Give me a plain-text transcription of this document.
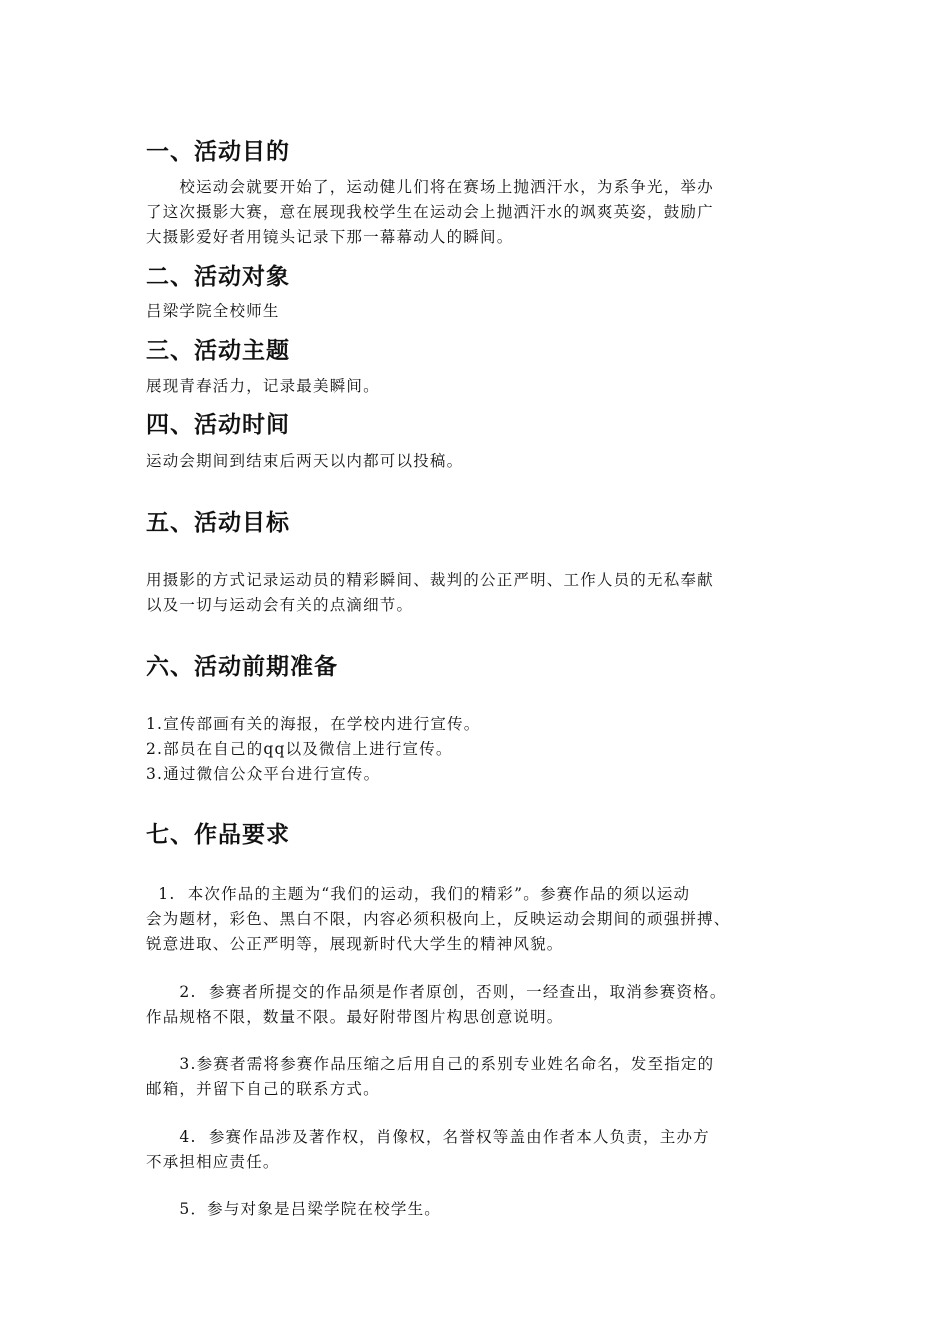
一、活动目的
　　校运动会就要开始了，运动健儿们将在赛场上抛洒汗水，为系争光，举办
了这次摄影大赛，意在展现我校学生在运动会上抛洒汗水的飒爽英姿，鼓励广
大摄影爱好者用镜头记录下那一幕幕动人的瞬间。
二、活动对象
吕梁学院全校师生
三、活动主题
展现青春活力，记录最美瞬间。
四、活动时间
运动会期间到结束后两天以内都可以投稿。
五、活动目标
用摄影的方式记录运动员的精彩瞬间、裁判的公正严明、工作人员的无私奉献
以及一切与运动会有关的点滴细节。
六、活动前期准备
1.宣传部画有关的海报，在学校内进行宣传。
2.部员在自己的qq以及微信上进行宣传。
3.通过微信公众平台进行宣传。
七、作品要求
1.  本次作品的主题为“我们的运动，我们的精彩”。参赛作品的须以运动
会为题材，彩色、黑白不限，内容必须积极向上，反映运动会期间的顽强拼搏、
锐意进取、公正严明等，展现新时代大学生的精神风貌。
　　2.  参赛者所提交的作品须是作者原创，否则，一经查出，取消参赛资格。
作品规格不限，数量不限。最好附带图片构思创意说明。
　　3.参赛者需将参赛作品压缩之后用自己的系别专业姓名命名，发至指定的
邮箱，并留下自己的联系方式。
　　4.  参赛作品涉及著作权，肖像权，名誉权等盖由作者本人负责，主办方
不承担相应责任。
　　5．参与对象是吕梁学院在校学生。
